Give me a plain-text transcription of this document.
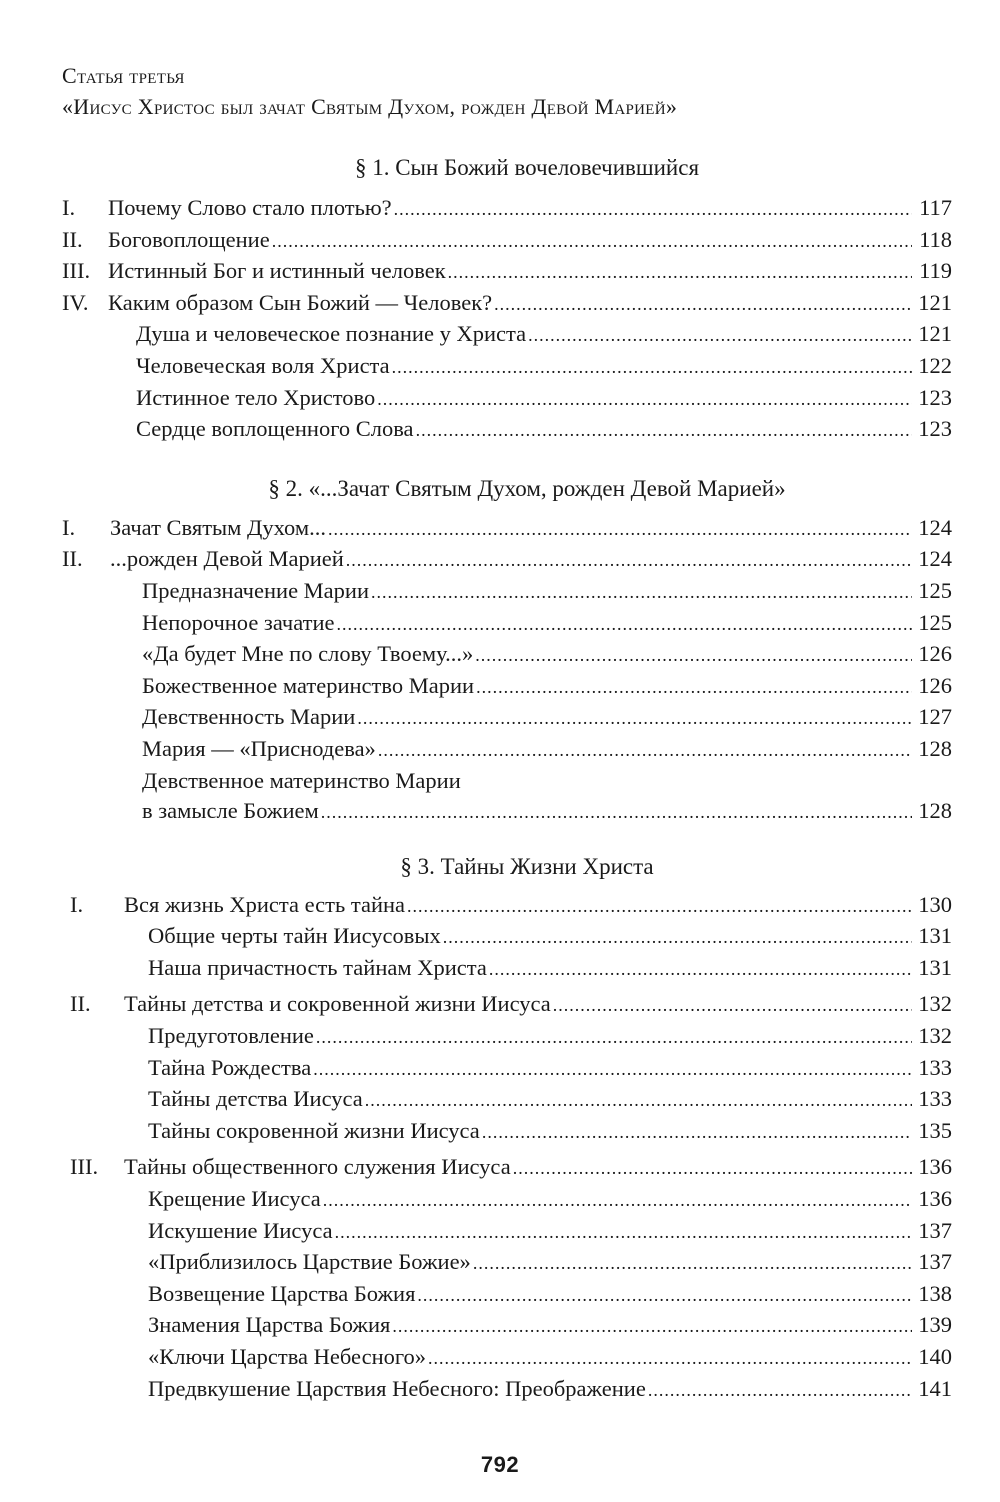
Статья третья
«Иисус Христос был зачат Святым Духом, рожден Девой Марией»
§ 1. Сын Божий вочеловечившийся
I.	Почему Слово стало плотью? .....	117
II.	Боговоплощение .....	118
III. Истинный Бог и истинный человек .....	119
IV. Каким образом Сын Божий — Человек? .....	121
Душа и человеческое познание у Христа .....	121
Человеческая воля Христа .....	122
Истинное тело Христово .....	123
Сердце воплощенного Слова .....	123
§ 2. «...Зачат Святым Духом, рожден Девой Марией»
I.	Зачат Святым Духом... .....	124
II.	...рожден Девой Марией .....	124
Предназначение Марии .....	125
Непорочное зачатие .....	125
«Да будет Мне по слову Твоему...» .....	126
Божественное материнство Марии .....	126
Девственность Марии .....	127
Мария — «Приснодева» .....	128
Девственное материнство Марии
в замысле Божием .....	128
§ 3. Тайны Жизни Христа
I.	Вся жизнь Христа есть тайна .....	130
Общие черты тайн Иисусовых .....	131
Наша причастность тайнам Христа .....	131
II.	Тайны детства и сокровенной жизни Иисуса .....	132
Предуготовление .....	132
Тайна Рождества .....	133
Тайны детства Иисуса .....	133
Тайны сокровенной жизни Иисуса .....	135
III.	Тайны общественного служения Иисуса .....	136
Крещение Иисуса .....	136
Искушение Иисуса .....	137
«Приблизилось Царствие Божие» .....	137
Возвещение Царства Божия .....	138
Знамения Царства Божия .....	139
«Ключи Царства Небесного» .....	140
Предвкушение Царствия Небесного: Преображение .....	141
792
